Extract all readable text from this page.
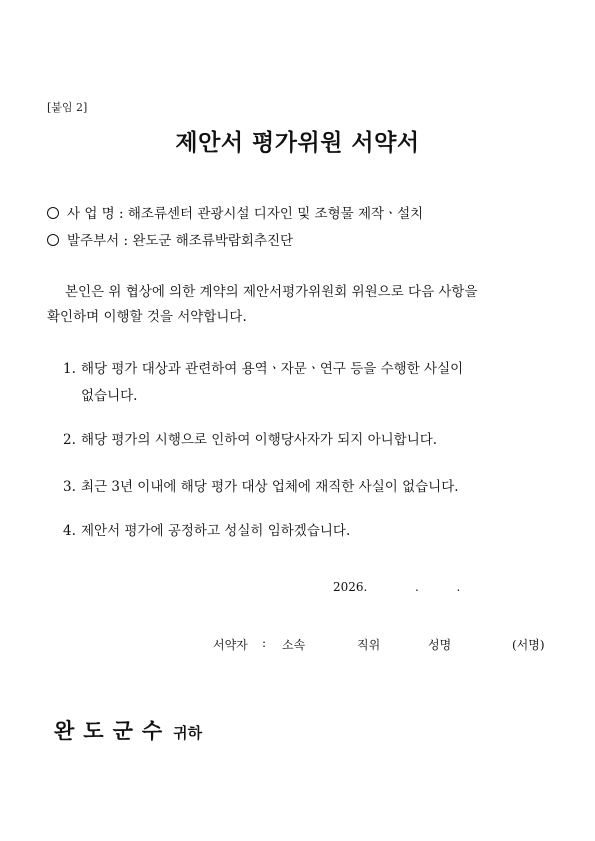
[붙임 2]
제안서 평가위원 서약서
사 업 명 : 해조류센터 관광시설 디자인 및 조형물 제작ㆍ설치
발주부서 : 완도군 해조류박람회추진단
본인은 위 협상에 의한 계약의 제안서평가위원회 위원으로 다음 사항을
확인하며 이행할 것을 서약합니다.
1. 해당 평가 대상과 관련하여 용역ㆍ자문ㆍ연구 등을 수행한 사실이
없습니다.
2. 해당 평가의 시행으로 인하여 이행당사자가 되지 아니합니다.
3. 최근 3년 이내에 해당 평가 대상 업체에 재직한 사실이 없습니다.
4. 제안서 평가에 공정하고 성실히 임하겠습니다.
2026.	.	.
서약자 : 소속	직위	성명	(서명)
완도군수 귀하
